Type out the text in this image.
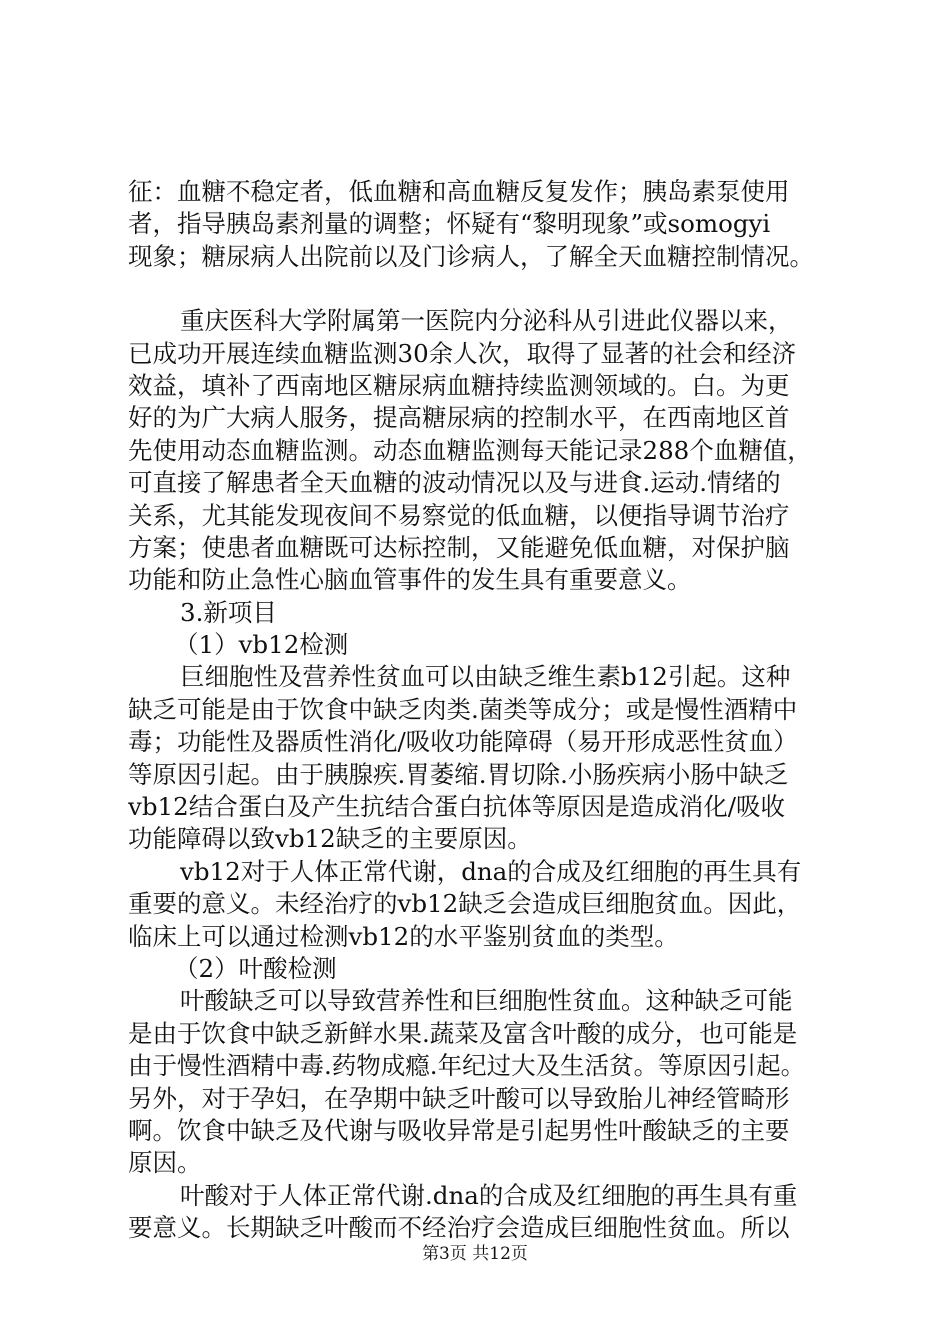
征：血糖不稳定者，低血糖和高血糖反复发作；胰岛素泵使用
者，指导胰岛素剂量的调整；怀疑有“黎明现象”或somogyi
现象；糖尿病人出院前以及门诊病人，了解全天血糖控制情况。
重庆医科大学附属第一医院内分泌科从引进此仪器以来，
已成功开展连续血糖监测30余人次，取得了显著的社会和经济
效益，填补了西南地区糖尿病血糖持续监测领域的。白。为更
好的为广大病人服务，提高糖尿病的控制水平，在西南地区首
先使用动态血糖监测。动态血糖监测每天能记录288个血糖值，
可直接了解患者全天血糖的波动情况以及与进食.运动.情绪的
关系，尤其能发现夜间不易察觉的低血糖，以便指导调节治疗
方案；使患者血糖既可达标控制，又能避免低血糖，对保护脑
功能和防止急性心脑血管事件的发生具有重要意义。
3.新项目
（1）vb12检测
巨细胞性及营养性贫血可以由缺乏维生素b12引起。这种
缺乏可能是由于饮食中缺乏肉类.菌类等成分；或是慢性酒精中
毒；功能性及器质性消化/吸收功能障碍（易开形成恶性贫血）
等原因引起。由于胰腺疾.胃萎缩.胃切除.小肠疾病小肠中缺乏
vb12结合蛋白及产生抗结合蛋白抗体等原因是造成消化/吸收
功能障碍以致vb12缺乏的主要原因。
vb12对于人体正常代谢，dna的合成及红细胞的再生具有
重要的意义。未经治疗的vb12缺乏会造成巨细胞贫血。因此，
临床上可以通过检测vb12的水平鉴别贫血的类型。
（2）叶酸检测
叶酸缺乏可以导致营养性和巨细胞性贫血。这种缺乏可能
是由于饮食中缺乏新鲜水果.蔬菜及富含叶酸的成分，也可能是
由于慢性酒精中毒.药物成瘾.年纪过大及生活贫。等原因引起。
另外，对于孕妇，在孕期中缺乏叶酸可以导致胎儿神经管畸形
啊。饮食中缺乏及代谢与吸收异常是引起男性叶酸缺乏的主要
原因。
叶酸对于人体正常代谢.dna的合成及红细胞的再生具有重
要意义。长期缺乏叶酸而不经治疗会造成巨细胞性贫血。所以
第3页 共12页
